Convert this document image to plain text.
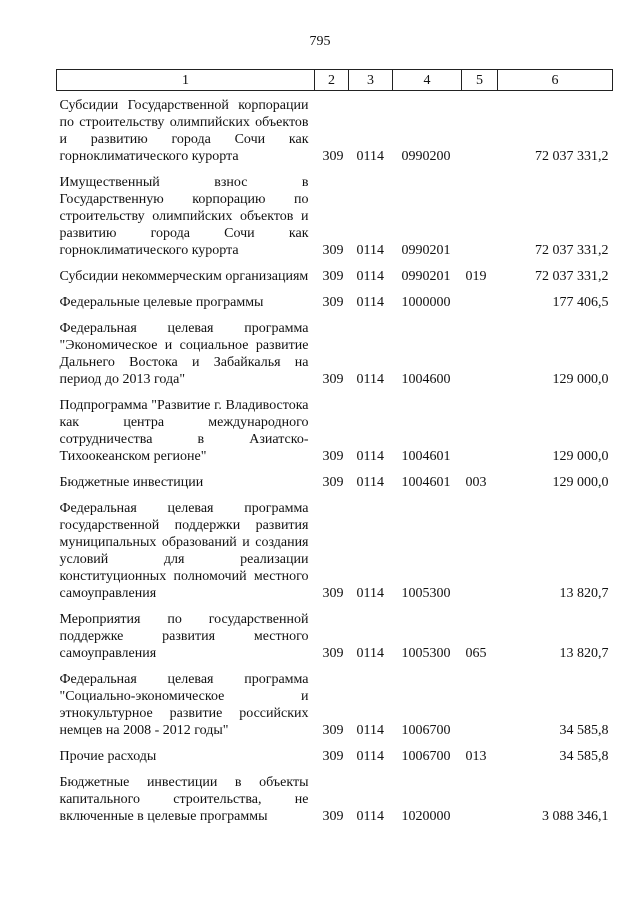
795
1	2	3	4	5	6
Субсидии Государственной корпорации по строительству олимпийских объектов и развитию города Сочи как горноклиматического курорта	309	0114	0990200		72 037 331,2
Имущественный взнос в Государственную корпорацию по строительству олимпийских объектов и развитию города Сочи как горноклиматического курорта	309	0114	0990201		72 037 331,2
Субсидии некоммерческим организациям	309	0114	0990201	019	72 037 331,2
Федеральные целевые программы	309	0114	1000000		177 406,5
Федеральная целевая программа "Экономическое и социальное развитие Дальнего Востока и Забайкалья на период до 2013 года"	309	0114	1004600		129 000,0
Подпрограмма "Развитие г. Владивостока как центра международного сотрудничества в Азиатско-Тихоокеанском регионе"	309	0114	1004601		129 000,0
Бюджетные инвестиции	309	0114	1004601	003	129 000,0
Федеральная целевая программа государственной поддержки развития муниципальных образований и создания условий для реализации конституционных полномочий местного самоуправления	309	0114	1005300		13 820,7
Мероприятия по государственной поддержке развития местного самоуправления	309	0114	1005300	065	13 820,7
Федеральная целевая программа "Социально-экономическое и этнокультурное развитие российских немцев на 2008 - 2012 годы"	309	0114	1006700		34 585,8
Прочие расходы	309	0114	1006700	013	34 585,8
Бюджетные инвестиции в объекты капитального строительства, не включенные в целевые программы	309	0114	1020000		3 088 346,1
